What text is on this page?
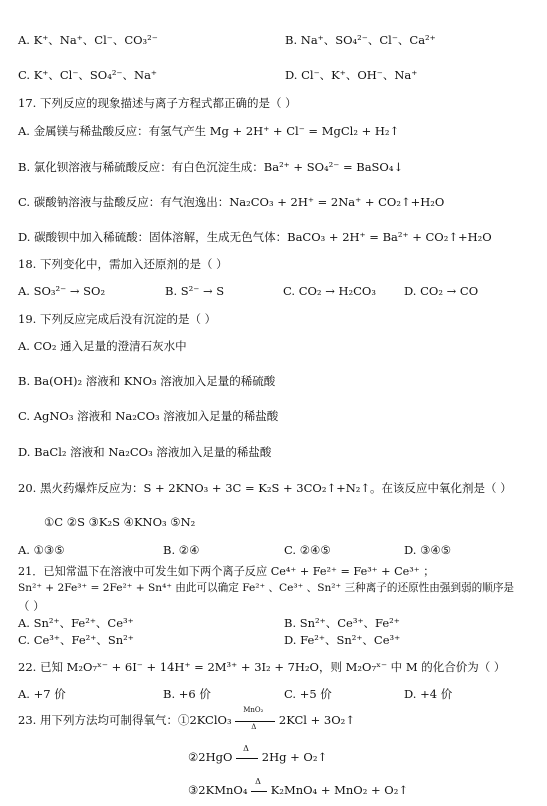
A. K⁺、Na⁺、Cl⁻、CO₃²⁻	B. Na⁺、SO₄²⁻、Cl⁻、Ca²⁺
C. K⁺、Cl⁻、SO₄²⁻、Na⁺	D. Cl⁻、K⁺、OH⁻、Na⁺
17. 下列反应的现象描述与离子方程式都正确的是（ ）
A. 金属镁与稀盐酸反应：有氢气产生 Mg + 2H⁺ + Cl⁻ = MgCl₂ + H₂↑
B. 氯化钡溶液与稀硫酸反应：有白色沉淀生成：Ba²⁺ + SO₄²⁻ = BaSO₄↓
C. 碳酸钠溶液与盐酸反应：有气泡逸出：Na₂CO₃ + 2H⁺ = 2Na⁺ + CO₂↑+H₂O
D. 碳酸钡中加入稀硫酸：固体溶解，生成无色气体：BaCO₃ + 2H⁺ = Ba²⁺ + CO₂↑+H₂O
18. 下列变化中，需加入还原剂的是（ ）
A. SO₃²⁻ → SO₂	B. S²⁻ → S	C. CO₂ → H₂CO₃ D. CO₂ → CO
19. 下列反应完成后没有沉淀的是（ ）
A. CO₂ 通入足量的澄清石灰水中
B. Ba(OH)₂ 溶液和 KNO₃ 溶液加入足量的稀硫酸
C. AgNO₃ 溶液和 Na₂CO₃ 溶液加入足量的稀盐酸
D. BaCl₂ 溶液和 Na₂CO₃ 溶液加入足量的稀盐酸
20. 黑火药爆炸反应为：S + 2KNO₃ + 3C = K₂S + 3CO₂↑+N₂↑。在该反应中氧化剂是（ ）
①C ②S ③K₂S ④KNO₃ ⑤N₂
A. ①③⑤	B. ②④	C. ②④⑤	D. ③④⑤
21．已知常温下在溶液中可发生如下两个离子反应 Ce⁴⁺ + Fe²⁺ = Fe³⁺ + Ce³⁺ ；
Sn²⁺ + 2Fe³⁺ = 2Fe²⁺ + Sn⁴⁺ 由此可以确定 Fe²⁺ 、Ce³⁺ 、Sn²⁺ 三种离子的还原性由强到弱的顺序是
（ ）
A. Sn²⁺、Fe²⁺、Ce³⁺	B. Sn²⁺、Ce³⁺、Fe²⁺
C. Ce³⁺、Fe²⁺、Sn²⁺	D. Fe²⁺、Sn²⁺、Ce³⁺
22. 已知 M₂O₇ˣ⁻ + 6I⁻ + 14H⁺ = 2M³⁺ + 3I₂ + 7H₂O，则 M₂O₇ˣ⁻ 中 M 的化合价为（ ）
A. +7 价	B. +6 价	C. +5 价	D. +4 价
23. 用下列方法均可制得氧气：①2KClO₃
MnO₂
Δ 2KCl + 3O₂↑
②2HgO
Δ
2Hg + O₂↑
③2KMnO₄
Δ
K₂MnO₄ + MnO₂ + O₂↑
